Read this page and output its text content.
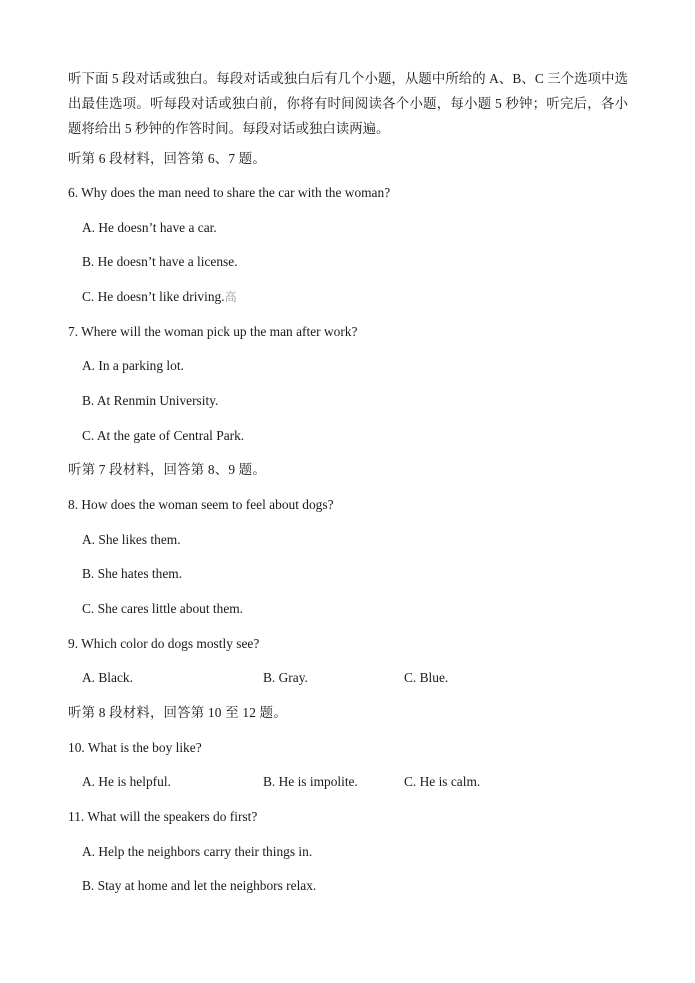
听下面 5 段对话或独白。每段对话或独白后有几个小题，从题中所给的 A、B、C 三个选项中选出最佳选项。听每段对话或独白前，你将有时间阅读各个小题，每小题 5 秒钟；听完后，各小题将给出 5 秒钟的作答时间。每段对话或独白读两遍。
听第 6 段材料，回答第 6、7 题。
6. Why does the man need to share the car with the woman?
A. He doesn’t have a car.
B. He doesn’t have a license.
C. He doesn’t like driving.高
7. Where will the woman pick up the man after work?
A. In a parking lot.
B. At Renmin University.
C. At the gate of Central Park.
听第 7 段材料，回答第 8、9 题。
8. How does the woman seem to feel about dogs?
A. She likes them.
B. She hates them.
C. She cares little about them.
9. Which color do dogs mostly see?
A. Black.	B. Gray.	C. Blue.
听第 8 段材料，回答第 10 至 12 题。
10. What is the boy like?
A. He is helpful.	B. He is impolite.	C. He is calm.
11. What will the speakers do first?
A. Help the neighbors carry their things in.
B. Stay at home and let the neighbors relax.
